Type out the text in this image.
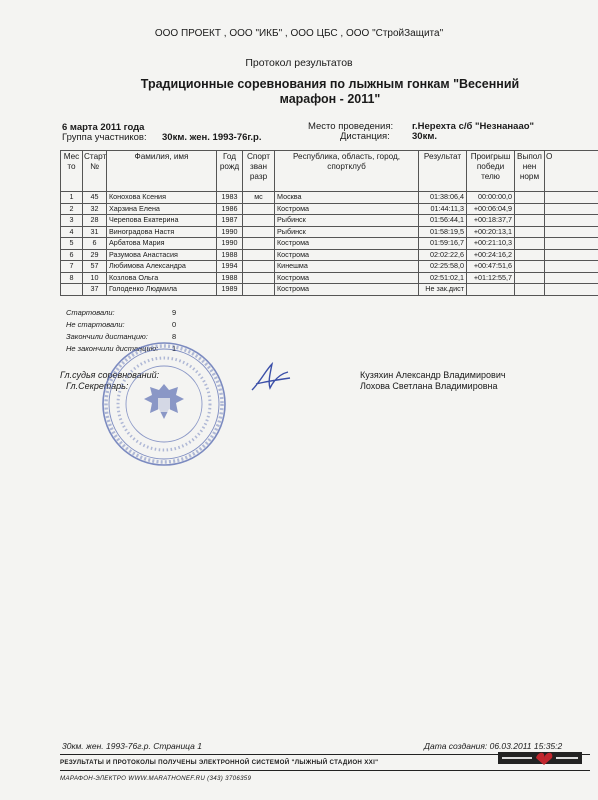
ООО ПРОЕКТ , ООО "ИКБ" , ООО ЦБС , ООО "СтройЗащита"
Протокол результатов
Традиционные соревнования по лыжным гонкам "Весенний марафон - 2011"
6 марта 2011 года
Группа участников: 30км. жен. 1993-76г.р.
Место проведения: г.Нерехта с/б "Незнанаао"
Дистанция: 30км.
Мес то	Старт №	Фамилия, имя	Год рожд	Спорт зван разр	Республика, область, город, спортклуб	Результат	Проигрыш победи телю	Выпол нен норм	О
1	45	Конохова Ксения	1983	мс	Москва	01:38:06,4	00:00:00,0		
2	32	Харзина Елена	1986		Кострома	01:44:11,3	+00:06:04,9		
3	28	Черепова Екатерина	1987		Рыбинск	01:56:44,1	+00:18:37,7		
4	31	Виноградова Настя	1990		Рыбинск	01:58:19,5	+00:20:13,1		
5	6	Арбатова Мария	1990		Кострома	01:59:16,7	+00:21:10,3		
6	29	Разумова Анастасия	1988		Кострома	02:02:22,6	+00:24:16,2		
7	57	Любимова Александра	1994		Кинешма	02:25:58,0	+00:47:51,6		
8	10	Козлова Ольга	1988		Кострома	02:51:02,1	+01:12:55,7		
	37	Голоденко Людмила	1989		Кострома	Не зак.дист			
Стартовали:	9
Не стартовали:	0
Закончили дистанцию:	8
Не закончили дистанцию: 1
Гл.судья соревнований:
Гл.Секретарь:
Кузяхин Александр Владимирович
Лохова Светлана Владимировна
30км. жен. 1993-76г.р. Страница 1	Дата создания: 06.03.2011 15:35:2
РЕЗУЛЬТАТЫ И ПРОТОКОЛЫ ПОЛУЧЕНЫ ЭЛЕКТРОННОЙ СИСТЕМОЙ "ЛЫЖНЫЙ СТАДИОН XXI"
МАРАФОН-ЭЛЕКТРО WWW.MARATHONEF.RU (343) 3706359
